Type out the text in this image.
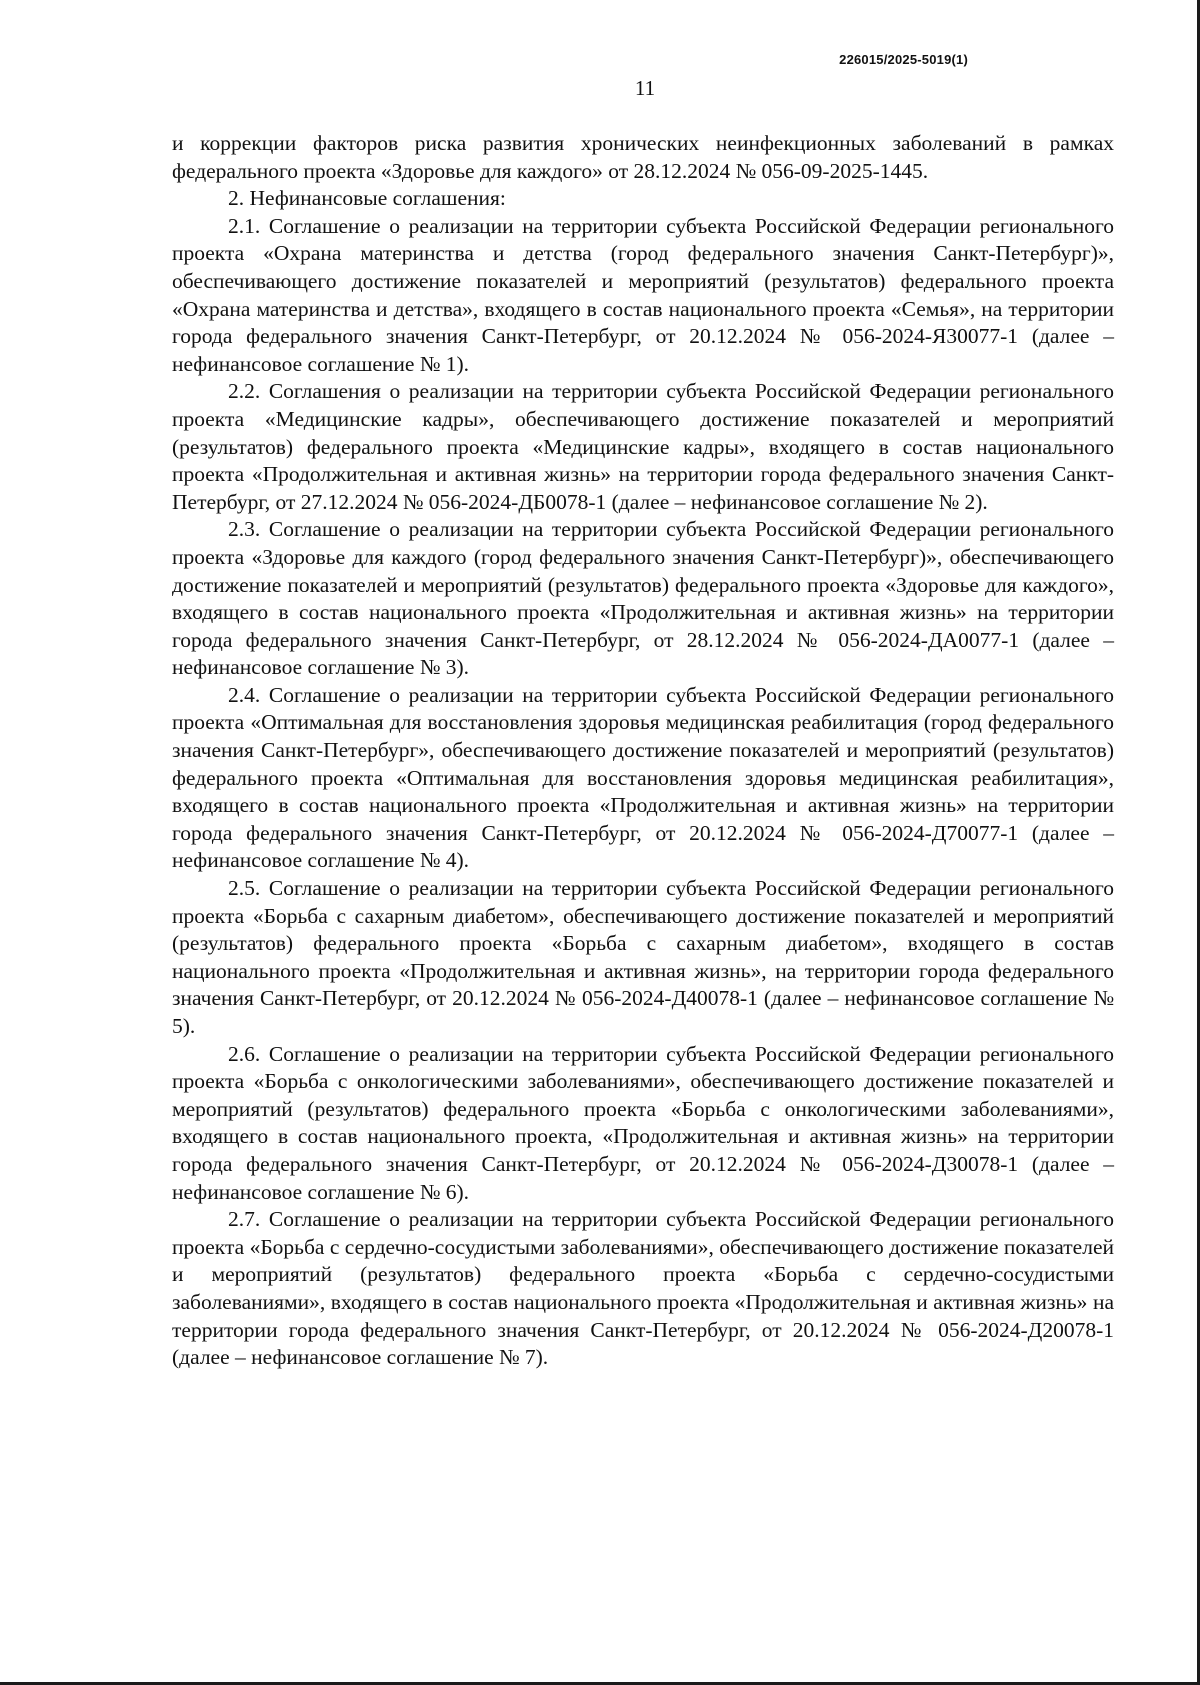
226015/2025-5019(1)
11

и коррекции факторов риска развития хронических неинфекционных заболеваний в рамках федерального проекта «Здоровье для каждого» от 28.12.2024 № 056-09-2025-1445.

2. Нефинансовые соглашения:

2.1. Соглашение о реализации на территории субъекта Российской Федерации регионального проекта «Охрана материнства и детства (город федерального значения Санкт-Петербург)», обеспечивающего достижение показателей и мероприятий (результатов) федерального проекта «Охрана материнства и детства», входящего в состав национального проекта «Семья», на территории города федерального значения Санкт-Петербург, от 20.12.2024 № 056-2024-Я30077-1 (далее – нефинансовое соглашение № 1).

2.2. Соглашения о реализации на территории субъекта Российской Федерации регионального проекта «Медицинские кадры», обеспечивающего достижение показателей и мероприятий (результатов) федерального проекта «Медицинские кадры», входящего в состав национального проекта «Продолжительная и активная жизнь» на территории города федерального значения Санкт-Петербург, от 27.12.2024 № 056-2024-ДБ0078-1 (далее – нефинансовое соглашение № 2).

2.3. Соглашение о реализации на территории субъекта Российской Федерации регионального проекта «Здоровье для каждого (город федерального значения Санкт-Петербург)», обеспечивающего достижение показателей и мероприятий (результатов) федерального проекта «Здоровье для каждого», входящего в состав национального проекта «Продолжительная и активная жизнь» на территории города федерального значения Санкт-Петербург, от 28.12.2024 № 056-2024-ДА0077-1 (далее – нефинансовое соглашение № 3).

2.4. Соглашение о реализации на территории субъекта Российской Федерации регионального проекта «Оптимальная для восстановления здоровья медицинская реабилитация (город федерального значения Санкт-Петербург», обеспечивающего достижение показателей и мероприятий (результатов) федерального проекта «Оптимальная для восстановления здоровья медицинская реабилитация», входящего в состав национального проекта «Продолжительная и активная жизнь» на территории города федерального значения Санкт-Петербург, от 20.12.2024 № 056-2024-Д70077-1 (далее – нефинансовое соглашение № 4).

2.5. Соглашение о реализации на территории субъекта Российской Федерации регионального проекта «Борьба с сахарным диабетом», обеспечивающего достижение показателей и мероприятий (результатов) федерального проекта «Борьба с сахарным диабетом», входящего в состав национального проекта «Продолжительная и активная жизнь», на территории города федерального значения Санкт-Петербург, от 20.12.2024 № 056-2024-Д40078-1 (далее – нефинансовое соглашение № 5).

2.6. Соглашение о реализации на территории субъекта Российской Федерации регионального проекта «Борьба с онкологическими заболеваниями», обеспечивающего достижение показателей и мероприятий (результатов) федерального проекта «Борьба с онкологическими заболеваниями», входящего в состав национального проекта, «Продолжительная и активная жизнь» на территории города федерального значения Санкт-Петербург, от 20.12.2024 № 056-2024-Д30078-1 (далее – нефинансовое соглашение № 6).

2.7. Соглашение о реализации на территории субъекта Российской Федерации регионального проекта «Борьба с сердечно-сосудистыми заболеваниями», обеспечивающего достижение показателей и мероприятий (результатов) федерального проекта «Борьба с сердечно-сосудистыми заболеваниями», входящего в состав национального проекта «Продолжительная и активная жизнь» на территории города федерального значения Санкт-Петербург, от 20.12.2024 № 056-2024-Д20078-1 (далее – нефинансовое соглашение № 7).
